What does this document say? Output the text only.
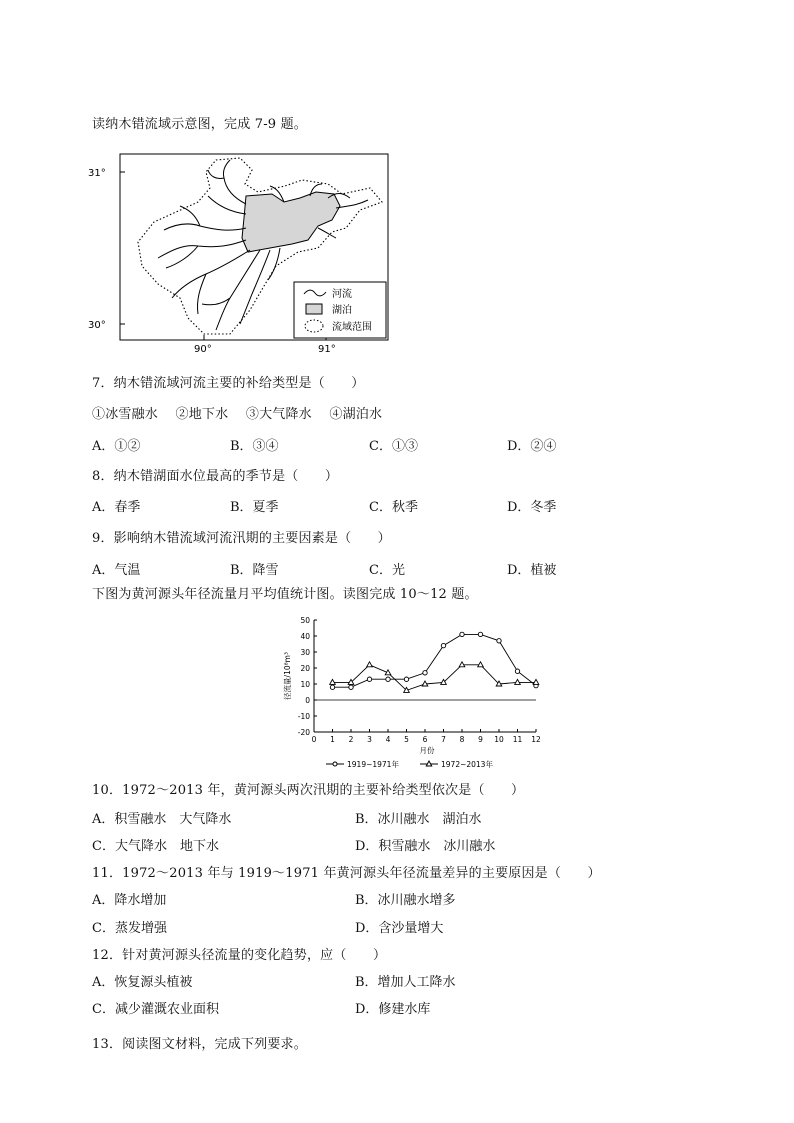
读纳木错流域示意图，完成 7-9 题。
31°
30°
90°	91°
河流
湖泊
流域范围
7．纳木错流域河流主要的补给类型是（　　）
①冰雪融水　 ②地下水　 ③大气降水　 ④湖泊水
A．①②	B．③④	C．①③	D．②④
8．纳木错湖面水位最高的季节是（　　）
A．春季	B．夏季	C．秋季	D．冬季
9．影响纳木错流域河流汛期的主要因素是（　　）
A．气温	B．降雪	C．光	D．植被
下图为黄河源头年径流量月平均值统计图。读图完成 10～12 题。
-20
-10
0
10
20
30
40
50
0 1 2 3 4 5 6 7 8 9 10 11 12
月份
径流量/10⁸m³
1919~1971年	1972~2013年
10．1972～2013 年，黄河源头两次汛期的主要补给类型依次是（　　）
A．积雪融水　大气降水	B．冰川融水　湖泊水
C．大气降水　地下水	D．积雪融水　冰川融水
11．1972～2013 年与 1919～1971 年黄河源头年径流量差异的主要原因是（　　）
A．降水增加	B．冰川融水增多
C．蒸发增强	D．含沙量增大
12．针对黄河源头径流量的变化趋势，应（　　）
A．恢复源头植被	B．增加人工降水
C．减少灌溉农业面积	D．修建水库
13．阅读图文材料，完成下列要求。
